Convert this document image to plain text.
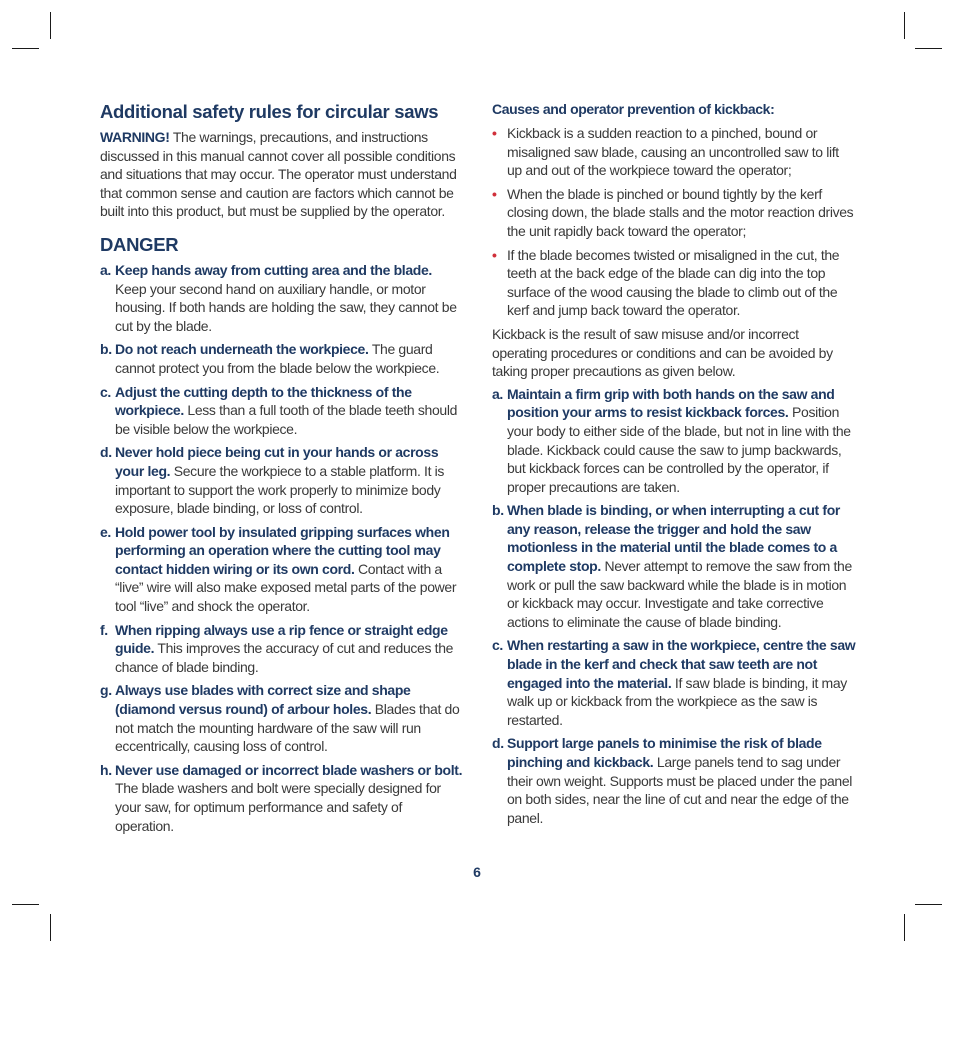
Additional safety rules for circular saws

WARNING! The warnings, precautions, and instructions discussed in this manual cannot cover all possible conditions and situations that may occur. The operator must understand that common sense and caution are factors which cannot be built into this product, but must be supplied by the operator.

DANGER
a. Keep hands away from cutting area and the blade. Keep your second hand on auxiliary handle, or motor housing. If both hands are holding the saw, they cannot be cut by the blade.
b. Do not reach underneath the workpiece. The guard cannot protect you from the blade below the workpiece.
c. Adjust the cutting depth to the thickness of the workpiece. Less than a full tooth of the blade teeth should be visible below the workpiece.
d. Never hold piece being cut in your hands or across your leg. Secure the workpiece to a stable platform. It is important to support the work properly to minimize body exposure, blade binding, or loss of control.
e. Hold power tool by insulated gripping surfaces when performing an operation where the cutting tool may contact hidden wiring or its own cord. Contact with a “live” wire will also make exposed metal parts of the power tool “live” and shock the operator.
f. When ripping always use a rip fence or straight edge guide. This improves the accuracy of cut and reduces the chance of blade binding.
g. Always use blades with correct size and shape (diamond versus round) of arbour holes. Blades that do not match the mounting hardware of the saw will run eccentrically, causing loss of control.
h. Never use damaged or incorrect blade washers or bolt. The blade washers and bolt were specially designed for your saw, for optimum performance and safety of operation.
Causes and operator prevention of kickback:
• Kickback is a sudden reaction to a pinched, bound or misaligned saw blade, causing an uncontrolled saw to lift up and out of the workpiece toward the operator;
• When the blade is pinched or bound tightly by the kerf closing down, the blade stalls and the motor reaction drives the unit rapidly back toward the operator;
• If the blade becomes twisted or misaligned in the cut, the teeth at the back edge of the blade can dig into the top surface of the wood causing the blade to climb out of the kerf and jump back toward the operator.

Kickback is the result of saw misuse and/or incorrect operating procedures or conditions and can be avoided by taking proper precautions as given below.

a. Maintain a firm grip with both hands on the saw and position your arms to resist kickback forces. Position your body to either side of the blade, but not in line with the blade. Kickback could cause the saw to jump backwards, but kickback forces can be controlled by the operator, if proper precautions are taken.
b. When blade is binding, or when interrupting a cut for any reason, release the trigger and hold the saw motionless in the material until the blade comes to a complete stop. Never attempt to remove the saw from the work or pull the saw backward while the blade is in motion or kickback may occur. Investigate and take corrective actions to eliminate the cause of blade binding.
c. When restarting a saw in the workpiece, centre the saw blade in the kerf and check that saw teeth are not engaged into the material. If saw blade is binding, it may walk up or kickback from the workpiece as the saw is restarted.
d. Support large panels to minimise the risk of blade pinching and kickback. Large panels tend to sag under their own weight. Supports must be placed under the panel on both sides, near the line of cut and near the edge of the panel.
6
